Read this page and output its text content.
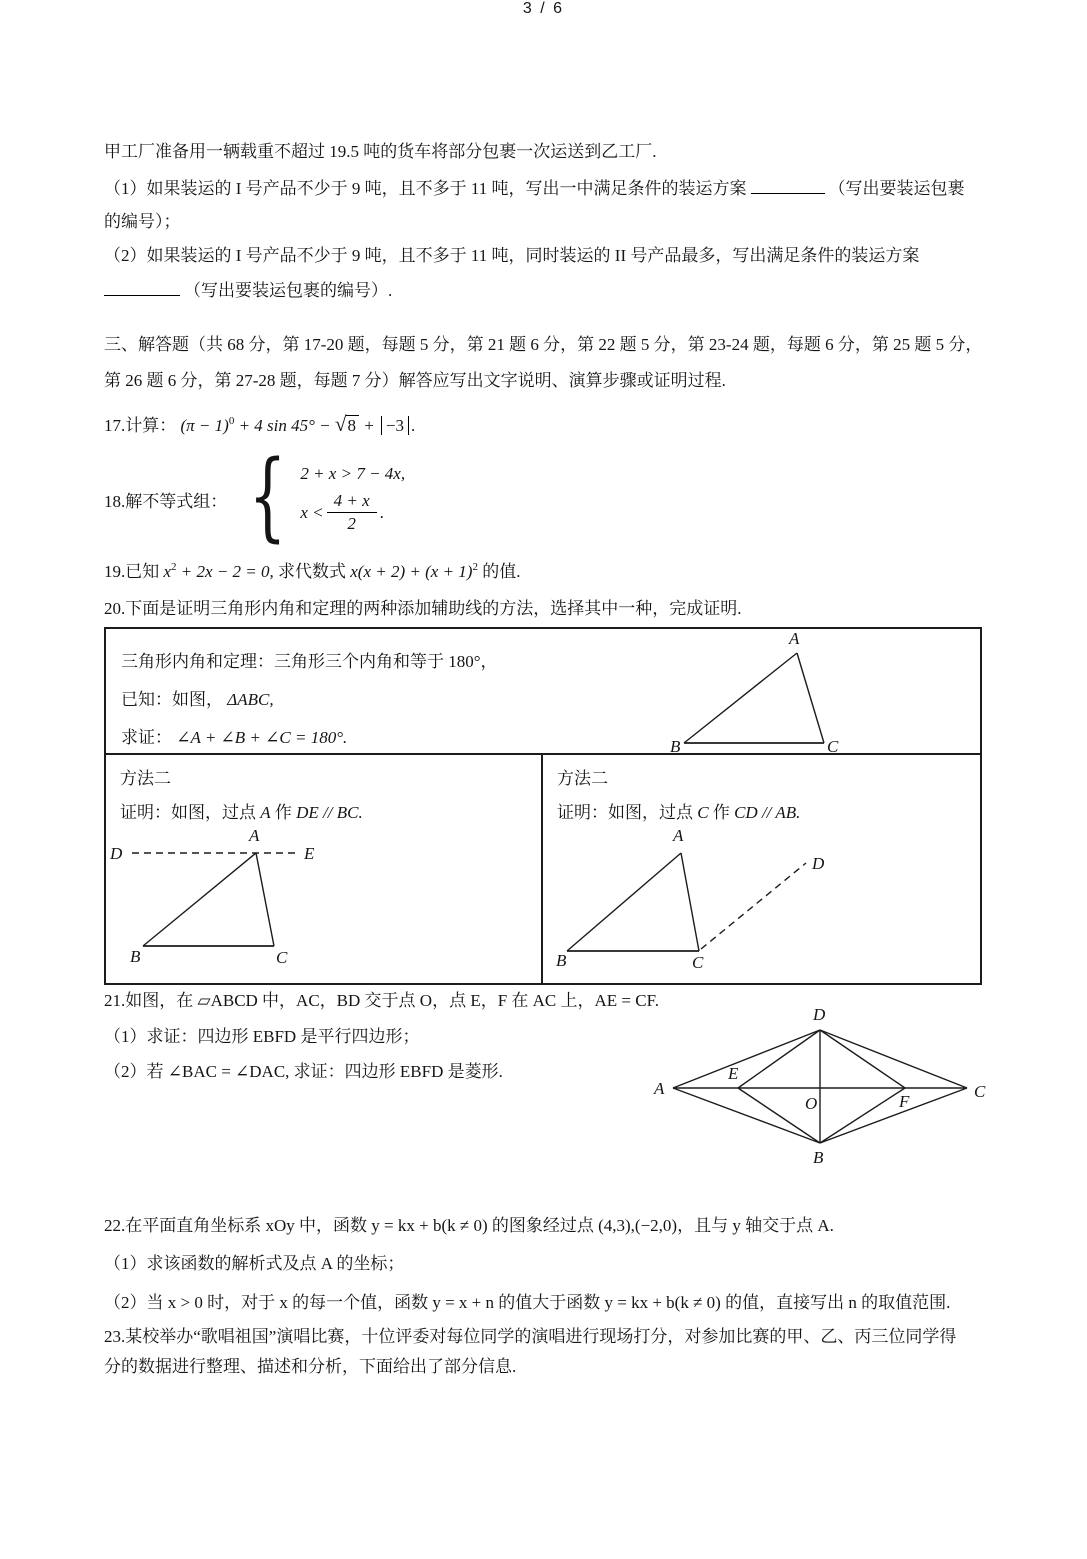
甲工厂准备用一辆载重不超过 19.5 吨的货车将部分包裹一次运送到乙工厂.

（1）如果装运的 I 号产品不少于 9 吨，且不多于 11 吨，写出一中满足条件的装运方案	（写出要装运包裹

的编号）；

（2）如果装运的 I 号产品不少于 9 吨，且不多于 11 吨，同时装运的 II 号产品最多，写出满足条件的装运方案

（写出要装运包裹的编号）.

三、解答题（共 68 分，第 17-20 题，每题 5 分，第 21 题 6 分，第 22 题 5 分，第 23-24 题，每题 6 分，第 25 题 5 分，

第 26 题 6 分，第 27-28 题，每题 7 分）解答应写出文字说明、演算步骤或证明过程.

17.计算： $(\pi - 1)^0 + 4$ sin 45° − √8 + −3 .

18.解不等式组： { 2 + x > 7 − 4x,
$x < \frac{4 + x}{2}$ .

19.已知 $x^2 + 2x - 2 = 0$, 求代数式 $x(x + 2) + (x + 1)^2$ 的值.

20.下面是证明三角形内角和定理的两种添加辅助线的方法，选择其中一种，完成证明.

三角形内角和定理：三角形三个内角和等于 180°，

已知：如图， ΔABC,

求证： ∠A + ∠B + ∠C = 180°.

A
B	C

方法二

证明：如图，过点 A 作 DE // BC.

D	E
A
B	C

方法二

证明：如图，过点 C 作 CD // AB.

A
D
B	C

21.如图，在 ▱ABCD 中，AC，BD 交于点 O，点 E，F 在 AC 上，AE = CF.

（1）求证：四边形 EBFD 是平行四边形；

（2）若 ∠BAC = ∠DAC, 求证：四边形 EBFD 是菱形.

22.在平面直角坐标系 xOy 中，函数 y = kx + b(k ≠ 0) 的图象经过点 (4,3),(−2,0)，且与 y 轴交于点 A.

（1）求该函数的解析式及点 A 的坐标；

（2）当 x > 0 时，对于 x 的每一个值，函数 y = x + n 的值大于函数 y = kx + b(k ≠ 0) 的值，直接写出 n 的取值范围.

23.某校举办“歌唱祖国”演唱比赛，十位评委对每位同学的演唱进行现场打分，对参加比赛的甲、乙、丙三位同学得

分的数据进行整理、描述和分析，下面给出了部分信息.

D
A	C
B
E
O	F
3 / 6
